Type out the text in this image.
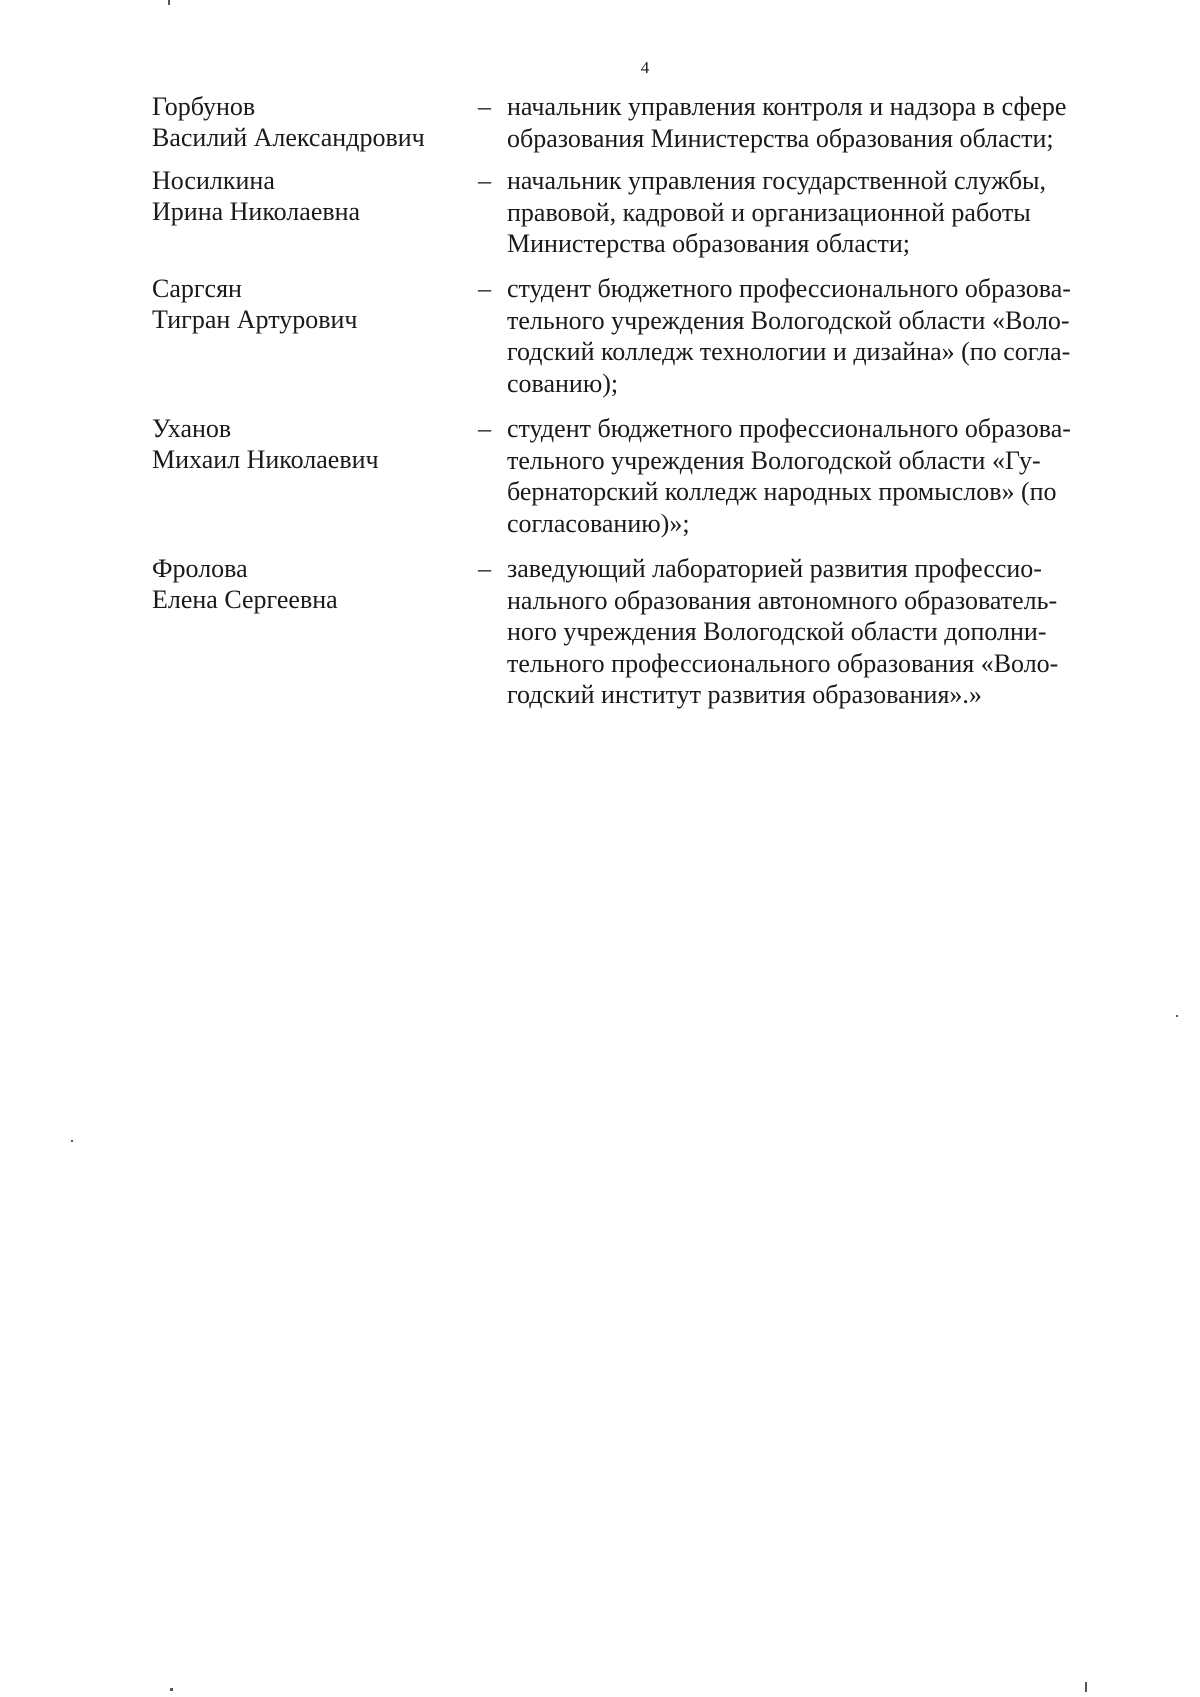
4
Горбунов
Василий Александрович
– начальник управления контроля и надзора в сфере
образования Министерства образования области;
Носилкина
Ирина Николаевна
– начальник управления государственной службы,
правовой, кадровой и организационной работы
Министерства образования области;
Саргсян
Тигран Артурович
– студент бюджетного профессионального образова-
тельного учреждения Вологодской области «Воло-
годский колледж технологии и дизайна» (по согла-
сованию);
Уханов
Михаил Николаевич
– студент бюджетного профессионального образова-
тельного учреждения Вологодской области «Гу-
бернаторский колледж народных промыслов» (по
согласованию)»;
Фролова
Елена Сергеевна
– заведующий лабораторией развития профессио-
нального образования автономного образователь-
ного учреждения Вологодской области дополни-
тельного профессионального образования «Воло-
годский институт развития образования».»
